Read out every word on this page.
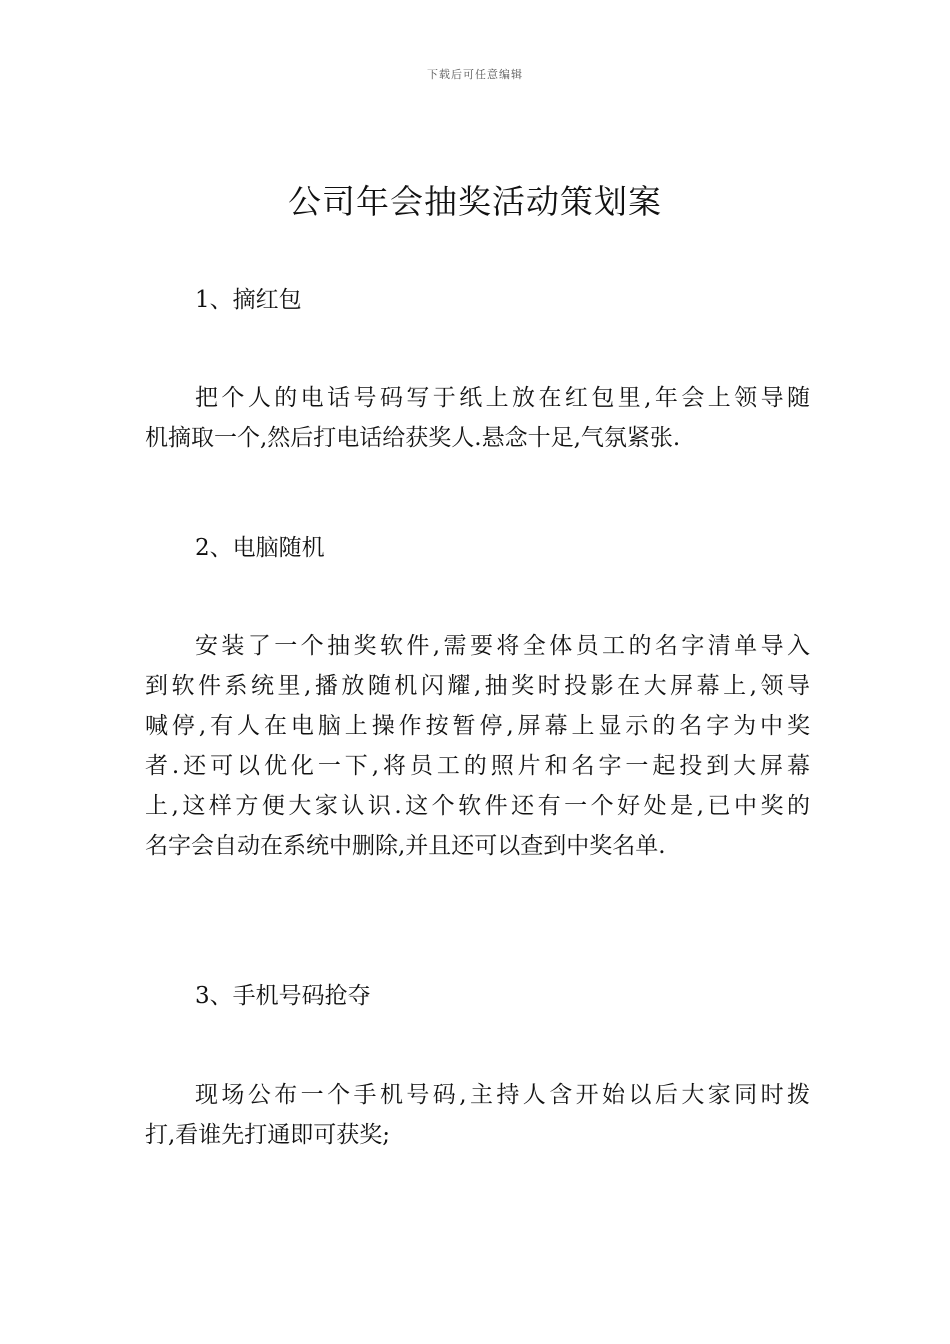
下载后可任意编辑
公司年会抽奖活动策划案
1、摘红包
把个人的电话号码写于纸上放在红包里,年会上领导随
机摘取一个,然后打电话给获奖人.悬念十足,气氛紧张.
2、电脑随机
安装了一个抽奖软件,需要将全体员工的名字清单导入
到软件系统里,播放随机闪耀,抽奖时投影在大屏幕上,领导
喊停,有人在电脑上操作按暂停,屏幕上显示的名字为中奖
者.还可以优化一下,将员工的照片和名字一起投到大屏幕
上,这样方便大家认识.这个软件还有一个好处是,已中奖的
名字会自动在系统中删除,并且还可以查到中奖名单.
3、手机号码抢夺
现场公布一个手机号码,主持人含开始以后大家同时拨
打,看谁先打通即可获奖;
